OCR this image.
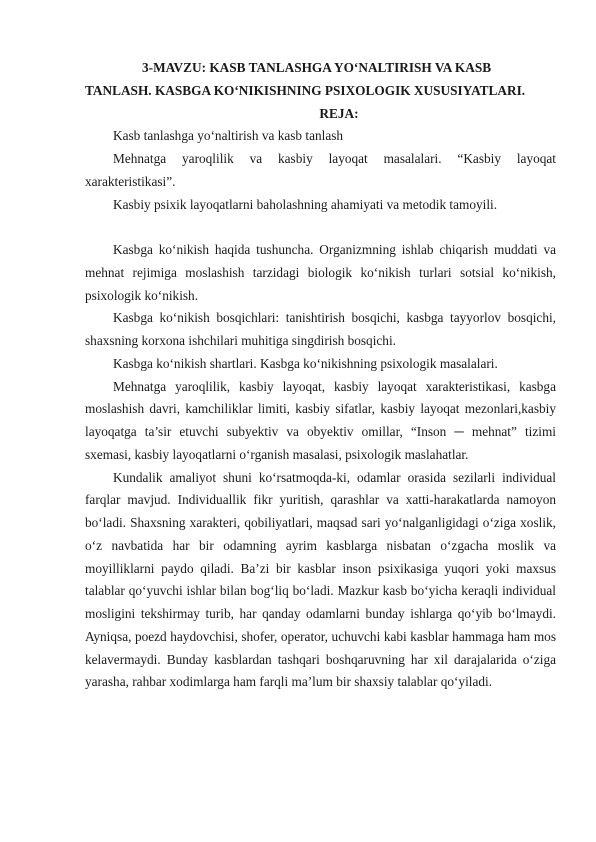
3-MAVZU: KASB TANLASHGA YO‘NALTIRISH VA KASB
TANLASH. KASBGA KO‘NIKISHNING PSIXOLOGIK XUSUSIYATLARI.

REJA:

Kasb tanlashga yo‘naltirish va kasb tanlash

Mehnatga yaroqlilik va kasbiy layoqat masalalari. “Kasbiy layoqat xarakteristikasi”.

Kasbiy psixik layoqatlarni baholashning ahamiyati va metodik tamoyili.

Kasbga ko‘nikish haqida tushuncha. Organizmning ishlab chiqarish muddati va mehnat rejimiga moslashish tarzidagi biologik ko‘nikish turlari sotsial ko‘nikish, psixologik ko‘nikish.

Kasbga ko‘nikish bosqichlari: tanishtirish bosqichi, kasbga tayyorlov bosqichi, shaxsning korxona ishchilari muhitiga singdirish bosqichi.

Kasbga ko‘nikish shartlari. Kasbga ko‘nikishning psixologik masalalari.

Mehnatga yaroqlilik, kasbiy layoqat, kasbiy layoqat xarakteristikasi, kasbga moslashish davri, kamchiliklar limiti, kasbiy sifatlar, kasbiy layoqat mezonlari,kasbiy layoqatga ta’sir etuvchi subyektiv va obyektiv omillar, “Inson ─ mehnat” tizimi sxemasi, kasbiy layoqatlarni o‘rganish masalasi, psixologik maslahatlar.

Kundalik amaliyot shuni ko‘rsatmoqda-ki, odamlar orasida sezilarli individual farqlar mavjud. Individuallik fikr yuritish, qarashlar va xatti-harakatlarda namoyon bo‘ladi. Shaxsning xarakteri, qobiliyatlari, maqsad sari yo‘nalganligidagi o‘ziga xoslik, o‘z navbatida har bir odamning ayrim kasblarga nisbatan o‘zgacha moslik va moyilliklarni paydo qiladi. Ba’zi bir kasblar inson psixikasiga yuqori yoki maxsus talablar qo‘yuvchi ishlar bilan bog‘liq bo‘ladi. Mazkur kasb bo‘yicha keraqli individual mosligini tekshirmay turib, har qanday odamlarni bunday ishlarga qo‘yib bo‘lmaydi. Ayniqsa, poezd haydovchisi, shofer, operator, uchuvchi kabi kasblar hammaga ham mos kelavermaydi. Bunday kasblardan tashqari boshqaruvning har xil darajalarida o‘ziga yarasha, rahbar xodimlarga ham farqli ma’lum bir shaxsiy talablar qo‘yiladi.
